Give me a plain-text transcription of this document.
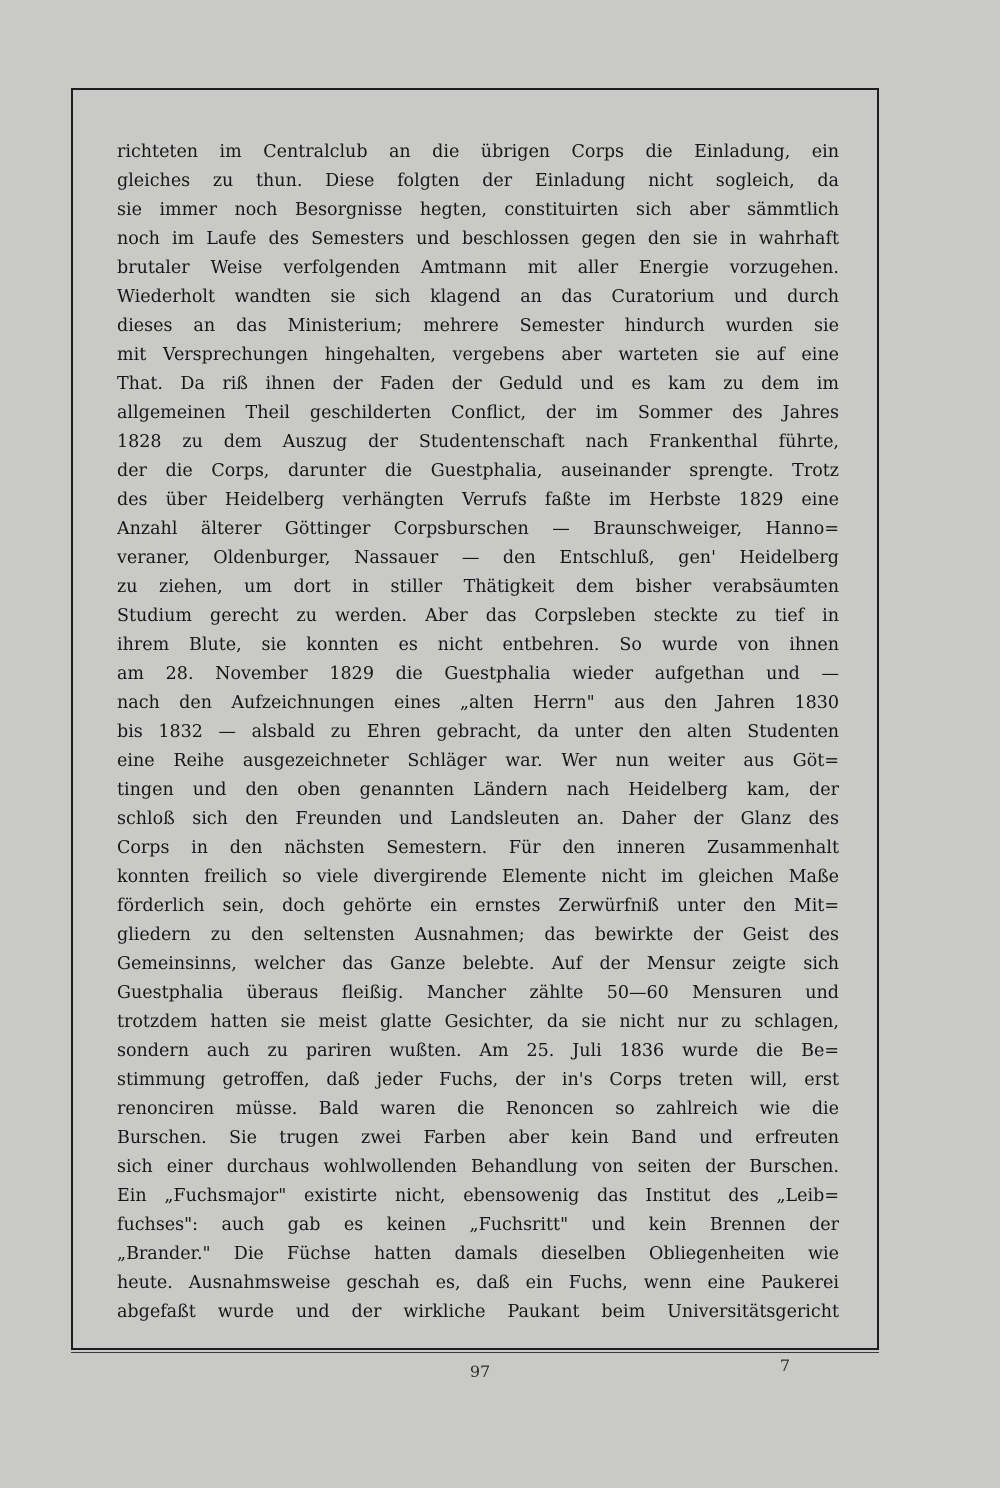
richteten im Centralclub an die übrigen Corps die Einladung, ein
gleiches zu thun. Diese folgten der Einladung nicht sogleich, da
sie immer noch Besorgnisse hegten, constituirten sich aber sämmtlich
noch im Laufe des Semesters und beschlossen gegen den sie in wahrhaft
brutaler Weise verfolgenden Amtmann mit aller Energie vorzugehen.
Wiederholt wandten sie sich klagend an das Curatorium und durch
dieses an das Ministerium; mehrere Semester hindurch wurden sie
mit Versprechungen hingehalten, vergebens aber warteten sie auf eine
That. Da riß ihnen der Faden der Geduld und es kam zu dem im
allgemeinen Theil geschilderten Conflict, der im Sommer des Jahres
1828 zu dem Auszug der Studentenschaft nach Frankenthal führte,
der die Corps, darunter die Guestphalia, auseinander sprengte. Trotz
des über Heidelberg verhängten Verrufs faßte im Herbste 1829 eine
Anzahl älterer Göttinger Corpsburschen — Braunschweiger, Hanno=
veraner, Oldenburger, Nassauer — den Entschluß, gen' Heidelberg
zu ziehen, um dort in stiller Thätigkeit dem bisher verabsäumten
Studium gerecht zu werden. Aber das Corpsleben steckte zu tief in
ihrem Blute, sie konnten es nicht entbehren. So wurde von ihnen
am 28. November 1829 die Guestphalia wieder aufgethan und —
nach den Aufzeichnungen eines „alten Herrn" aus den Jahren 1830
bis 1832 — alsbald zu Ehren gebracht, da unter den alten Studenten
eine Reihe ausgezeichneter Schläger war. Wer nun weiter aus Göt=
tingen und den oben genannten Ländern nach Heidelberg kam, der
schloß sich den Freunden und Landsleuten an. Daher der Glanz des
Corps in den nächsten Semestern. Für den inneren Zusammenhalt
konnten freilich so viele divergirende Elemente nicht im gleichen Maße
förderlich sein, doch gehörte ein ernstes Zerwürfniß unter den Mit=
gliedern zu den seltensten Ausnahmen; das bewirkte der Geist des
Gemeinsinns, welcher das Ganze belebte. Auf der Mensur zeigte sich
Guestphalia überaus fleißig. Mancher zählte 50—60 Mensuren und
trotzdem hatten sie meist glatte Gesichter, da sie nicht nur zu schlagen,
sondern auch zu pariren wußten. Am 25. Juli 1836 wurde die Be=
stimmung getroffen, daß jeder Fuchs, der in's Corps treten will, erst
renonciren müsse. Bald waren die Renoncen so zahlreich wie die
Burschen. Sie trugen zwei Farben aber kein Band und erfreuten
sich einer durchaus wohlwollenden Behandlung von seiten der Burschen.
Ein „Fuchsmajor" existirte nicht, ebensowenig das Institut des „Leib=
fuchses": auch gab es keinen „Fuchsritt" und kein Brennen der
„Brander." Die Füchse hatten damals dieselben Obliegenheiten wie
heute. Ausnahmsweise geschah es, daß ein Fuchs, wenn eine Paukerei
abgefaßt wurde und der wirkliche Paukant beim Universitätsgericht
97	7
